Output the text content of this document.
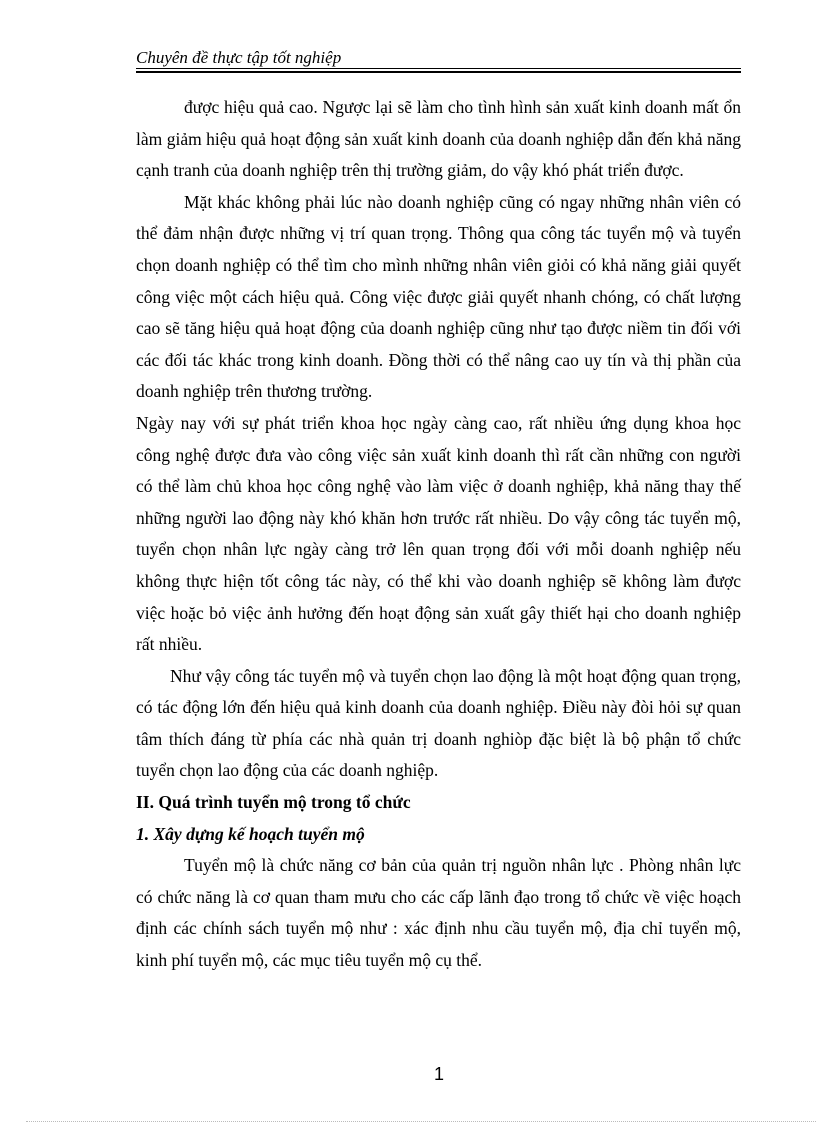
Chuyên đề thực tập tốt nghiệp

được hiệu quả cao. Ngược lại sẽ làm cho tình hình sản xuất kinh doanh mất ổn làm giảm hiệu quả hoạt động sản xuất kinh doanh của doanh nghiệp dẫn đến khả năng cạnh tranh của doanh nghiệp trên thị trường giảm, do vậy khó phát triển được.

Mặt khác không phải lúc nào doanh nghiệp cũng có ngay những nhân viên có thể đảm nhận được những vị trí quan trọng. Thông qua công tác tuyển mộ và tuyển chọn doanh nghiệp có thể tìm cho mình những nhân viên giỏi có khả năng giải quyết công việc một cách hiệu quả. Công việc được giải quyết nhanh chóng, có chất lượng cao sẽ tăng hiệu quả hoạt động của doanh nghiệp cũng như tạo được niềm tin đối với các đối tác khác trong kinh doanh. Đồng thời có thể nâng cao uy tín và thị phần của doanh nghiệp trên thương trường.

Ngày nay với sự phát triển khoa học ngày càng cao, rất nhiều ứng dụng khoa học công nghệ được đưa vào công việc sản xuất kinh doanh thì rất cần những con người có thể làm chủ khoa học công nghệ vào làm việc ở doanh nghiệp, khả năng thay thế những người lao động này khó khăn hơn trước rất nhiều. Do vậy công tác tuyển mộ, tuyển chọn nhân lực ngày càng trở lên quan trọng đối với mỗi doanh nghiệp nếu không thực hiện tốt công tác này, có thể khi vào doanh nghiệp sẽ không làm được việc hoặc bỏ việc ảnh hưởng đến hoạt động sản xuất gây thiết hại cho doanh nghiệp rất nhiều.

Như vậy công tác tuyển mộ và tuyển chọn lao động là một hoạt động quan trọng, có tác động lớn đến hiệu quả kinh doanh của doanh nghiệp. Điều này đòi hỏi sự quan tâm thích đáng từ phía các nhà quản trị doanh nghiòp đặc biệt là bộ phận tổ chức tuyển chọn lao động của các doanh nghiệp.

II. Quá trình tuyển mộ trong tổ chức

1. Xây dựng kế hoạch tuyển mộ

Tuyển mộ là chức năng cơ bản của quản trị nguồn nhân lực . Phòng nhân lực có chức năng là cơ quan tham mưu cho các cấp lãnh đạo trong tổ chức về việc hoạch định các chính sách tuyển mộ như : xác định nhu cầu tuyển mộ, địa chỉ tuyển mộ, kinh phí tuyển mộ, các mục tiêu tuyển mộ cụ thể.

1
